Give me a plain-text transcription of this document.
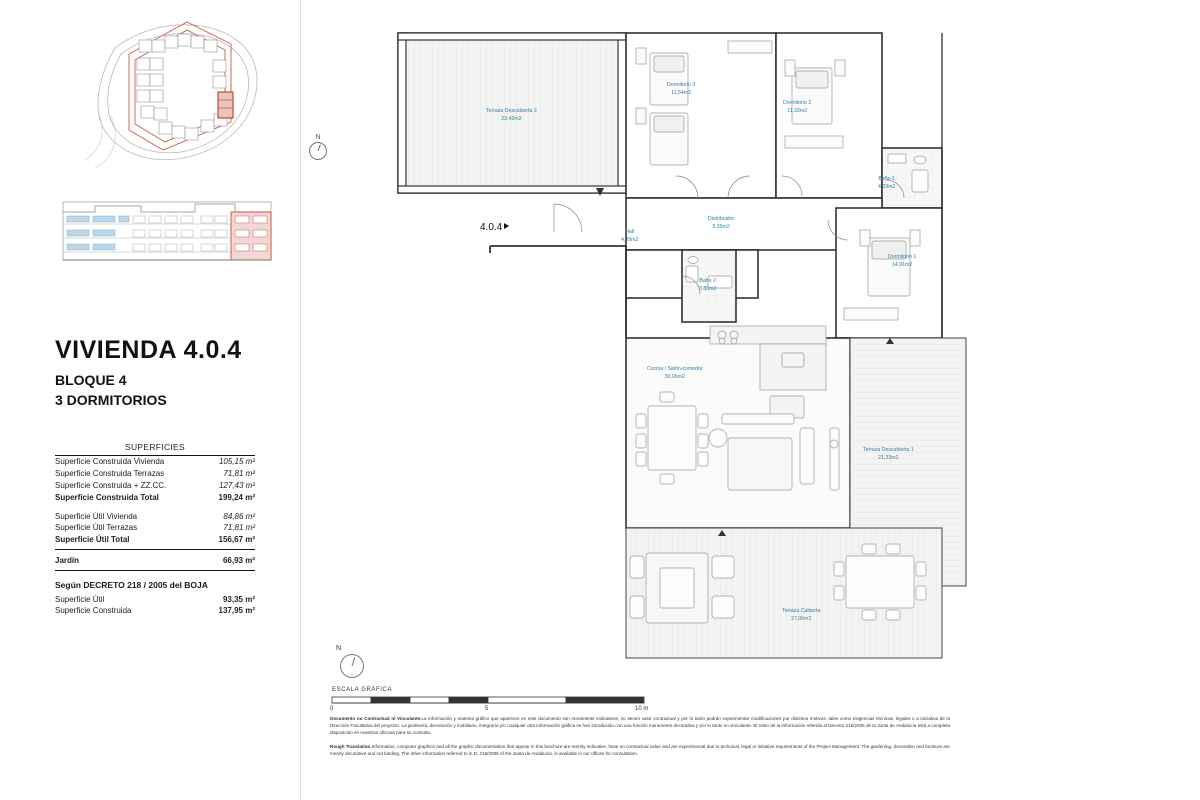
N
VIVIENDA 4.0.4
BLOQUE 4
3 DORMITORIOS
SUPERFICIES
Superficie Construida Vivienda	105,15 m²
Superficie Construida Terrazas	71,81 m²
Superficie Construida + ZZ.CC.	127,43 m²
Superficie Construida Total	199,24 m²
Superficie Útil Vivienda	84,86 m²
Superficie Útil Terrazas	71,81 m²
Superficie Útil Total	156,67 m²
Jardín	66,93 m²
Según DECRETO 218 / 2005 del BOJA
Superficie Útil	93,35 m²
Superficie Construida	137,95 m²
Terraza Descubierta 2
23,42m2
Dormitorio 3
11,54m2
Dormitorio 2
11,33m2
Baño 1
4,29m2
Distribuidor
5,35m2
Hall
4,39m2
Dormitorio 1
14,91m2
Baño 2
3,86m2
Cocina / Salón-comedor
30,06m2
Terraza Descubierta 1
21,33m2
Terraza Cubierta
27,06m2
4.0.4
N
ESCALA GRÁFICA
0	5	10 m

Documento no Contractual ni Vinculante.La información y material gráfico que aparecen en este documento son meramente indicativos, no tienen valor contractual y por lo tanto podrán experimentar modificaciones por distintos motivos, tales como exigencias técnicas, legales o a iniciativa de la Dirección Facultativa del proyecto. La jardinería, decoración y mobiliario, integraría y/o cualquier otra información gráfica se han introducido con una función meramente decorativa y por lo tanto no vinculante. El resto de la información referida al Decreto 218/2005 de la Junta de Andalucía está a completa disposición en nuestras oficinas para su consulta.

Rough Translation.Information, computer graphics and all the graphic documentation that appear in this brochure are merely indicative, have no contractual value and are experimental due to technical, legal or initiative requirements of the Project Management. The gardening, decoration and furniture are merely decorative and not binding. The other information referred to in D. 218/2005 of the Junta de Andalucía, is available in our offices for consultation.
